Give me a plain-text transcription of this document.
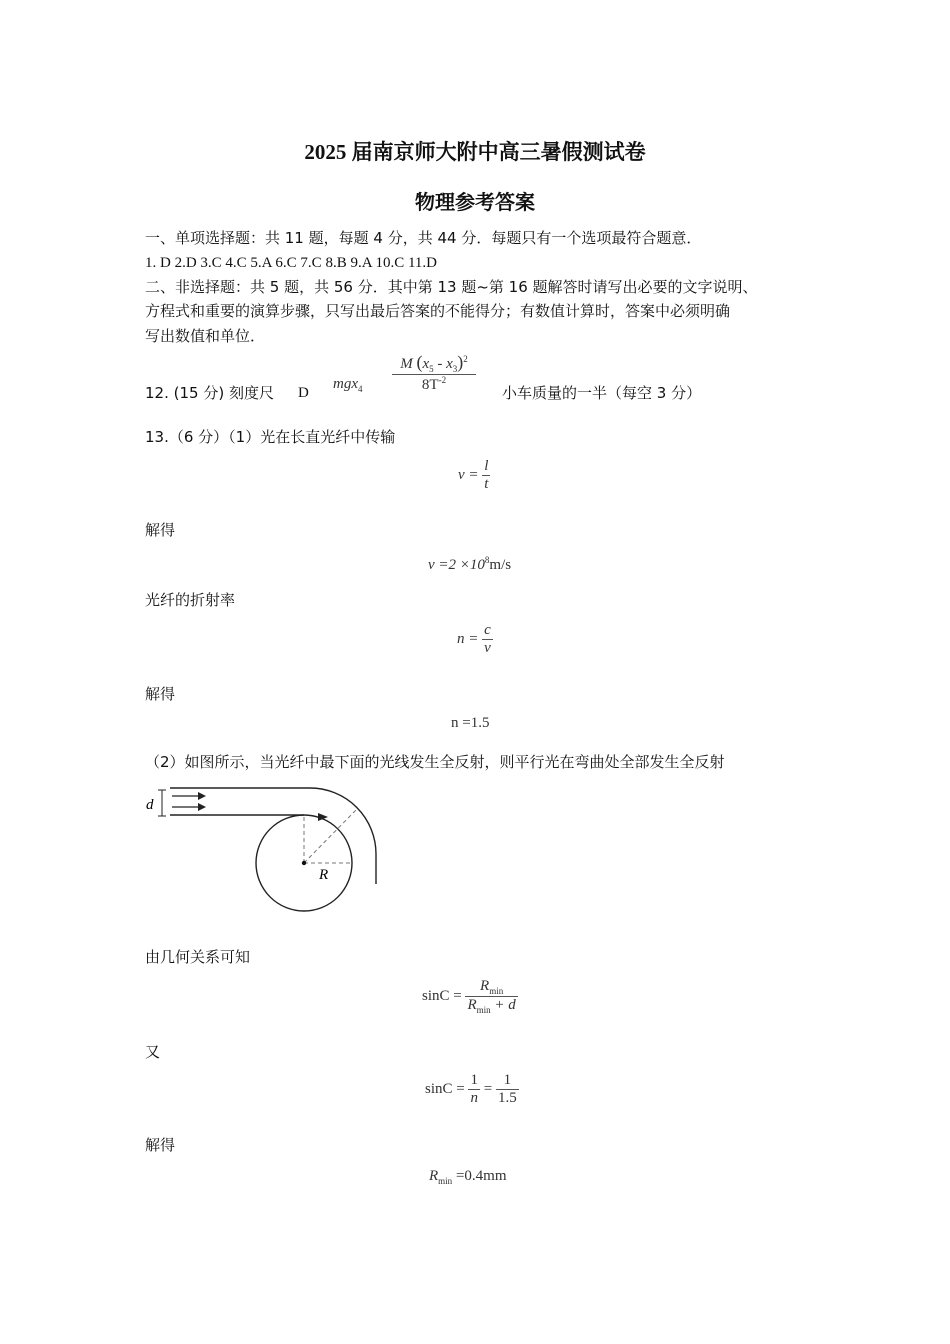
2025 届南京师大附中高三暑假测试卷
物理参考答案
一、单项选择题：共 11 题，每题 4 分，共 44 分．每题只有一个选项最符合题意．
1. D 2.D 3.C 4.C 5.A 6.C 7.C 8.B 9.A 10.C 11.D
二、非选择题：共 5 题，共 56 分．其中第 13 题~第 16 题解答时请写出必要的文字说明、
方程式和重要的演算步骤，只写出最后答案的不能得分；有数值计算时，答案中必须明确
写出数值和单位．
12. (15 分) 刻度尺 D
$mgx_4 \frac{M (x_5 - x_3)^2}{8T^{-2}}$ 小车质量的一半（每空 3 分）
13.（6 分）（1）光在长直光纤中传输
$v = \frac{l}{t}$
解得
$v =2 \times 10^8m/s$
光纤的折射率
$n = \frac{c}{v}$
解得
n =1.5
（2）如图所示，当光纤中最下面的光线发生全反射，则平行光在弯曲处全部发生全反射
d
R
由几何关系可知
$\sin C = \frac{R_{min}}{R_{min} + d}$
又
$\sin C = \frac{1}{n} = \frac{1}{1.5}$
解得
$R_{min} =0.4mm$
